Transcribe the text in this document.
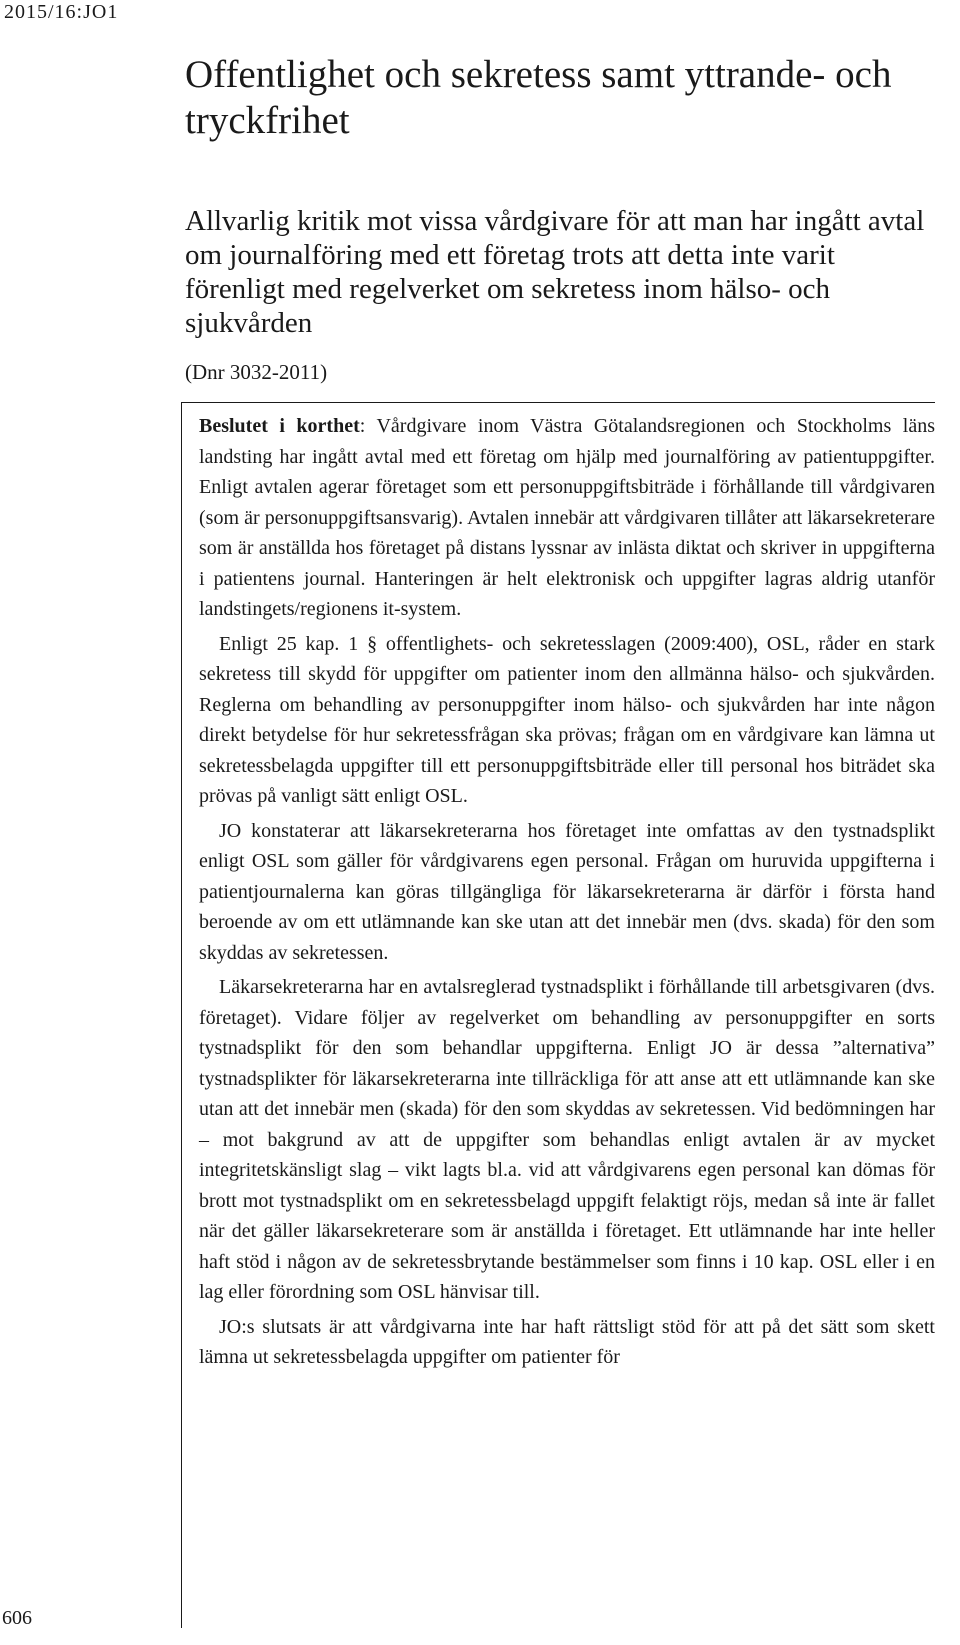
2015/16:JO1
Offentlighet och sekretess samt yttrande- och tryckfrihet
Allvarlig kritik mot vissa vårdgivare för att man har ingått avtal om journalföring med ett företag trots att detta inte varit förenligt med regelverket om sekretess inom hälso- och sjukvården
(Dnr 3032-2011)

Beslutet i korthet: Vårdgivare inom Västra Götalandsregionen och Stockholms läns landsting har ingått avtal med ett företag om hjälp med journalföring av patientuppgifter. Enligt avtalen agerar företaget som ett personuppgiftsbiträde i förhållande till vårdgivaren (som är personuppgiftsansvarig). Avtalen innebär att vårdgivaren tillåter att läkarsekreterare som är anställda hos företaget på distans lyssnar av inlästa diktat och skriver in uppgifterna i patientens journal. Hanteringen är helt elektronisk och uppgifter lagras aldrig utanför landstingets/regionens it-system.

Enligt 25 kap. 1 § offentlighets- och sekretesslagen (2009:400), OSL, råder en stark sekretess till skydd för uppgifter om patienter inom den allmänna hälso- och sjukvården. Reglerna om behandling av personuppgifter inom hälso- och sjukvården har inte någon direkt betydelse för hur sekretessfrågan ska prövas; frågan om en vårdgivare kan lämna ut sekretessbelagda uppgifter till ett personuppgiftsbiträde eller till personal hos biträdet ska prövas på vanligt sätt enligt OSL.

JO konstaterar att läkarsekreterarna hos företaget inte omfattas av den tystnadsplikt enligt OSL som gäller för vårdgivarens egen personal. Frågan om huruvida uppgifterna i patientjournalerna kan göras tillgängliga för läkarsekreterarna är därför i första hand beroende av om ett utlämnande kan ske utan att det innebär men (dvs. skada) för den som skyddas av sekretessen.

Läkarsekreterarna har en avtalsreglerad tystnadsplikt i förhållande till arbetsgivaren (dvs. företaget). Vidare följer av regelverket om behandling av personuppgifter en sorts tystnadsplikt för den som behandlar uppgifterna. Enligt JO är dessa ”alternativa” tystnadsplikter för läkarsekreterarna inte tillräckliga för att anse att ett utlämnande kan ske utan att det innebär men (skada) för den som skyddas av sekretessen. Vid bedömningen har – mot bakgrund av att de uppgifter som behandlas enligt avtalen är av mycket integritetskänsligt slag – vikt lagts bl.a. vid att vårdgivarens egen personal kan dömas för brott mot tystnadsplikt om en sekretessbelagd uppgift felaktigt röjs, medan så inte är fallet när det gäller läkarsekreterare som är anställda i företaget. Ett utlämnande har inte heller haft stöd i någon av de sekretessbrytande bestämmelser som finns i 10 kap. OSL eller i en lag eller förordning som OSL hänvisar till.

JO:s slutsats är att vårdgivarna inte har haft rättsligt stöd för att på det sätt som skett lämna ut sekretessbelagda uppgifter om patienter för

606
